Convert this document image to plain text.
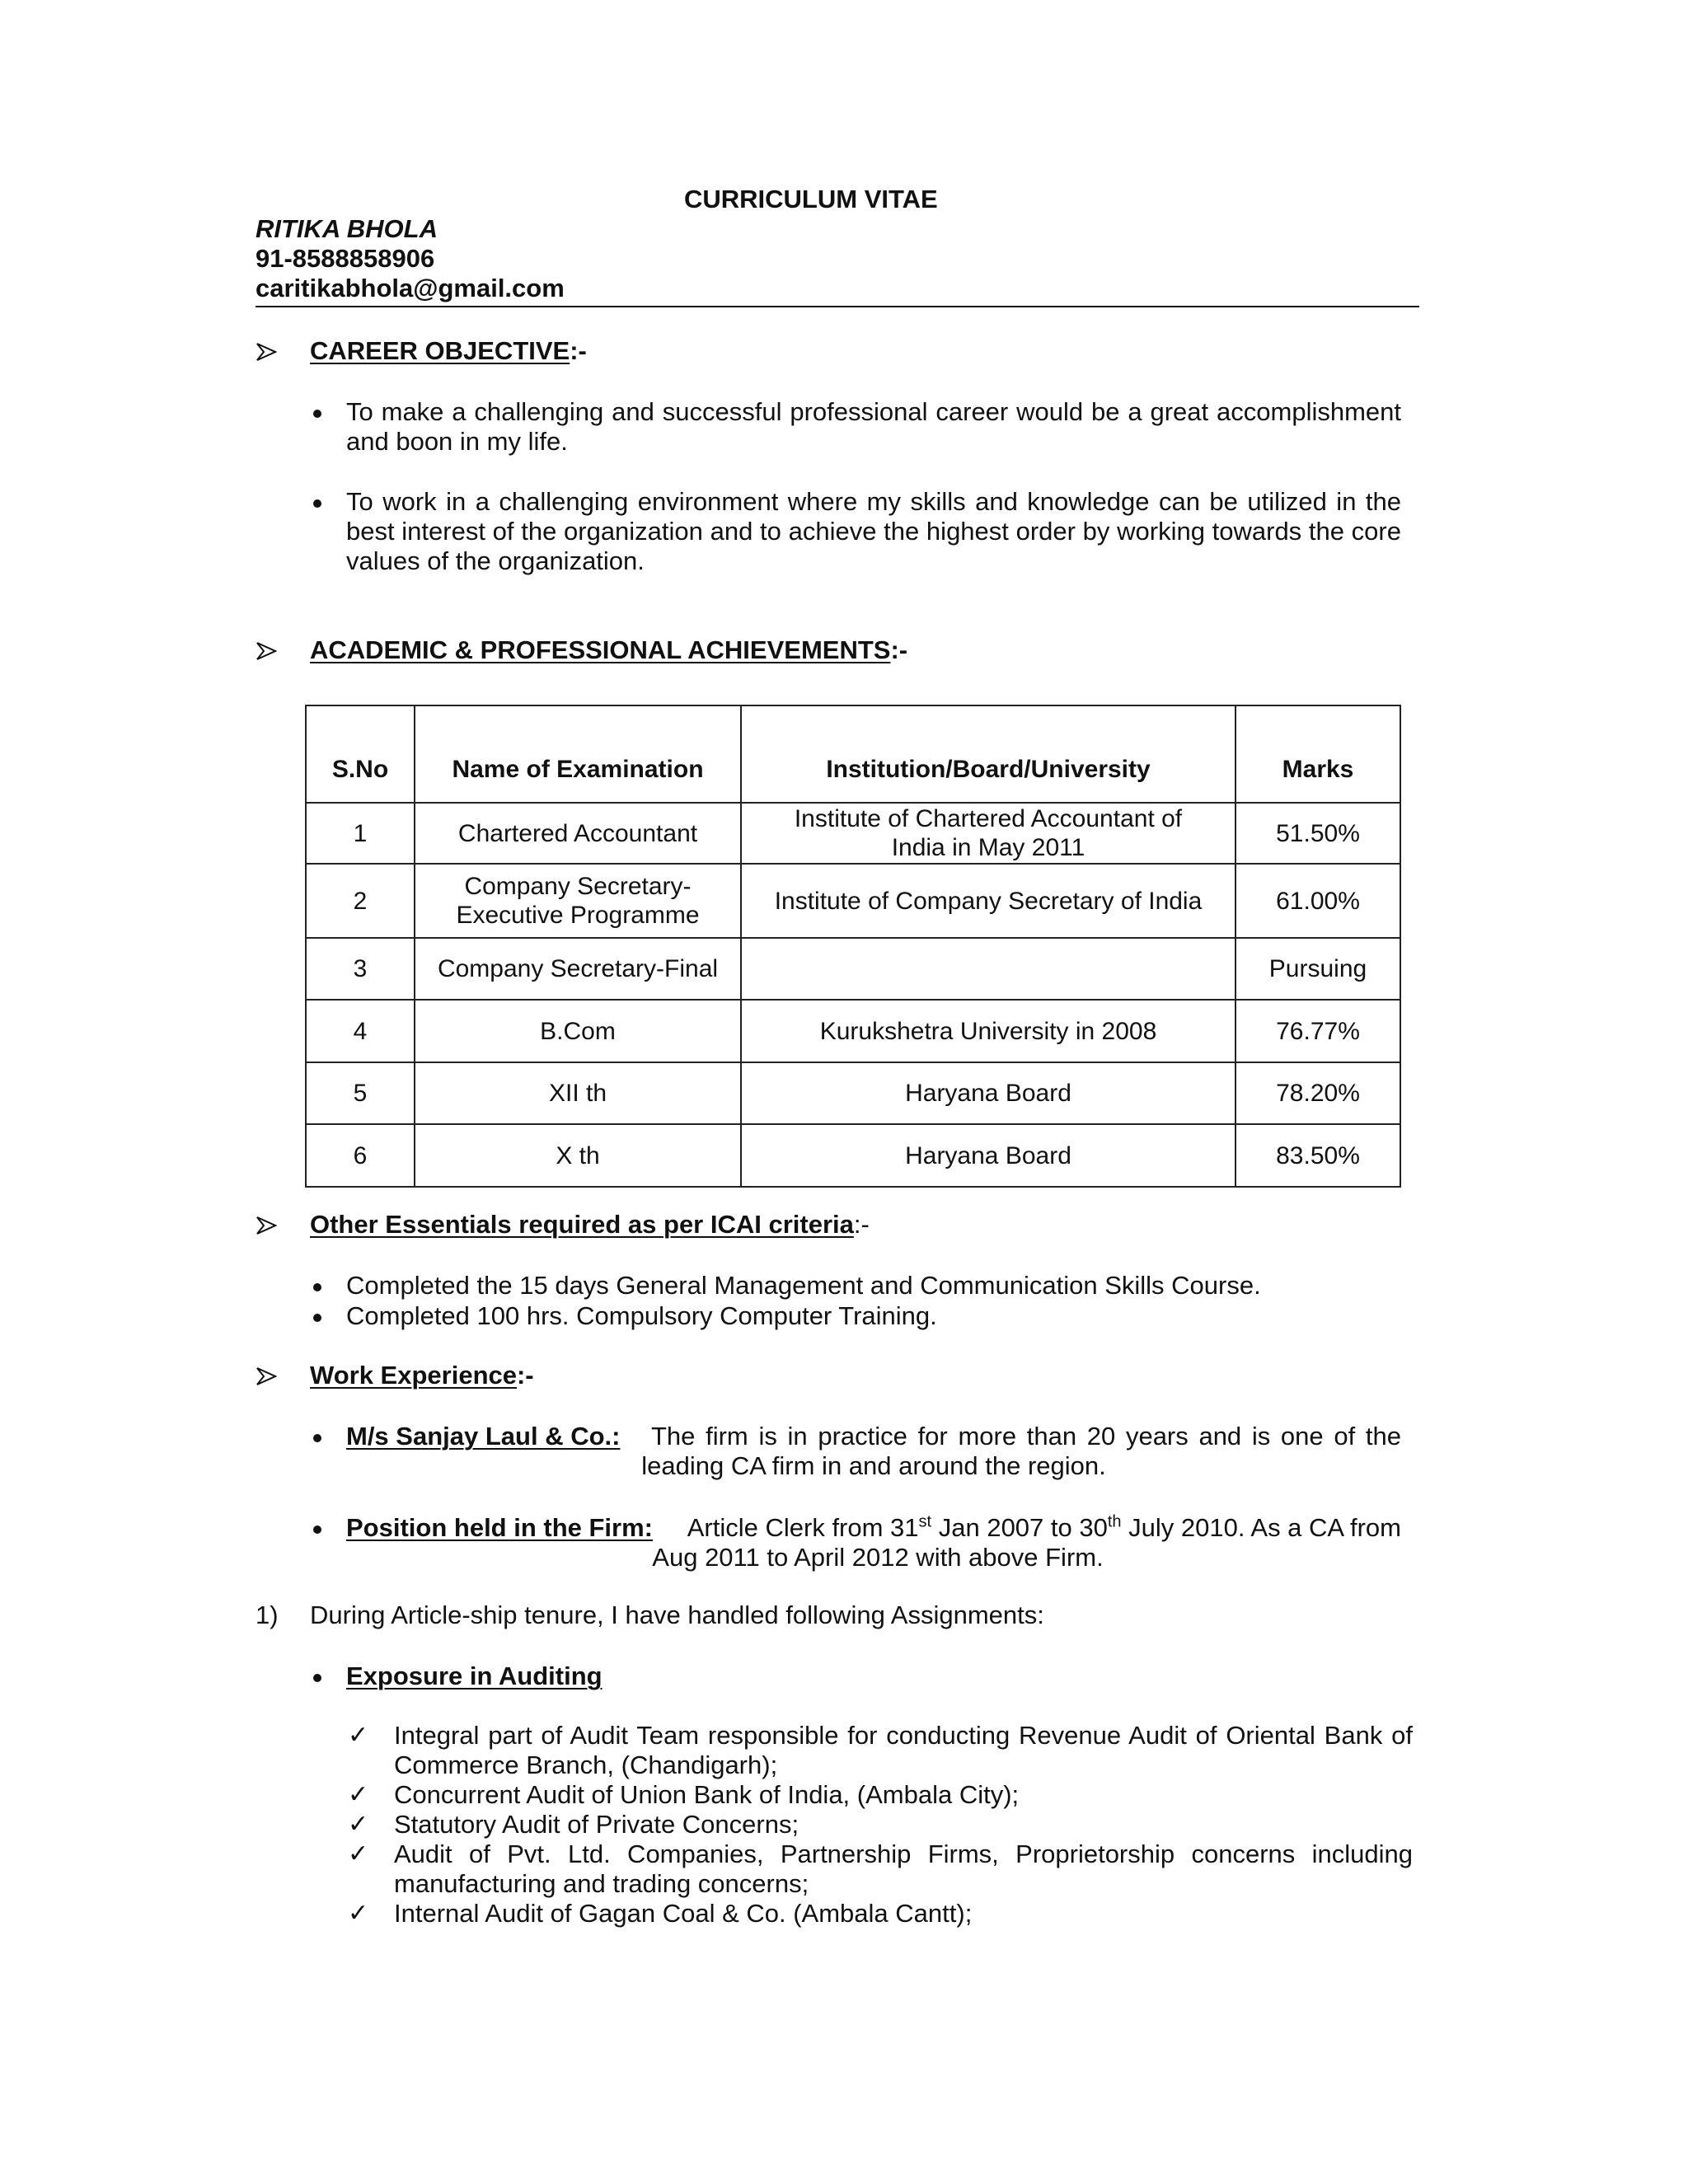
CURRICULUM VITAE
RITIKA BHOLA
91-8588858906
caritikabhola@gmail.com
CAREER OBJECTIVE:-
To make a challenging and successful professional career would be a great accomplishment and boon in my life.
To work in a challenging environment where my skills and knowledge can be utilized in the best interest of the organization and to achieve the highest order by working towards the core values of the organization.
ACADEMIC & PROFESSIONAL ACHIEVEMENTS:-
S.No	Name of Examination	Institution/Board/University	Marks
1	Chartered Accountant	Institute of Chartered Accountant of India in May 2011	51.50%
2	Company Secretary-Executive Programme	Institute of Company Secretary of India	61.00%
3	Company Secretary-Final		Pursuing
4	B.Com	Kurukshetra University in 2008	76.77%
5	XII th	Haryana Board	78.20%
6	X th	Haryana Board	83.50%
Other Essentials required as per ICAI criteria:-
Completed the 15 days General Management and Communication Skills Course.
Completed 100 hrs. Compulsory Computer Training.
Work Experience:-
M/s Sanjay Laul & Co.: The firm is in practice for more than 20 years and is one of the
leading CA firm in and around the region.
Position held in the Firm: Article Clerk from 31st Jan 2007 to 30th July 2010. As a CA from
Aug 2011 to April 2012 with above Firm.
1) During Article-ship tenure, I have handled following Assignments:
Exposure in Auditing
✓ Integral part of Audit Team responsible for conducting Revenue Audit of Oriental Bank of Commerce Branch, (Chandigarh);
✓ Concurrent Audit of Union Bank of India, (Ambala City);
✓ Statutory Audit of Private Concerns;
✓ Audit of Pvt. Ltd. Companies, Partnership Firms, Proprietorship concerns including manufacturing and trading concerns;
✓ Internal Audit of Gagan Coal & Co. (Ambala Cantt);
